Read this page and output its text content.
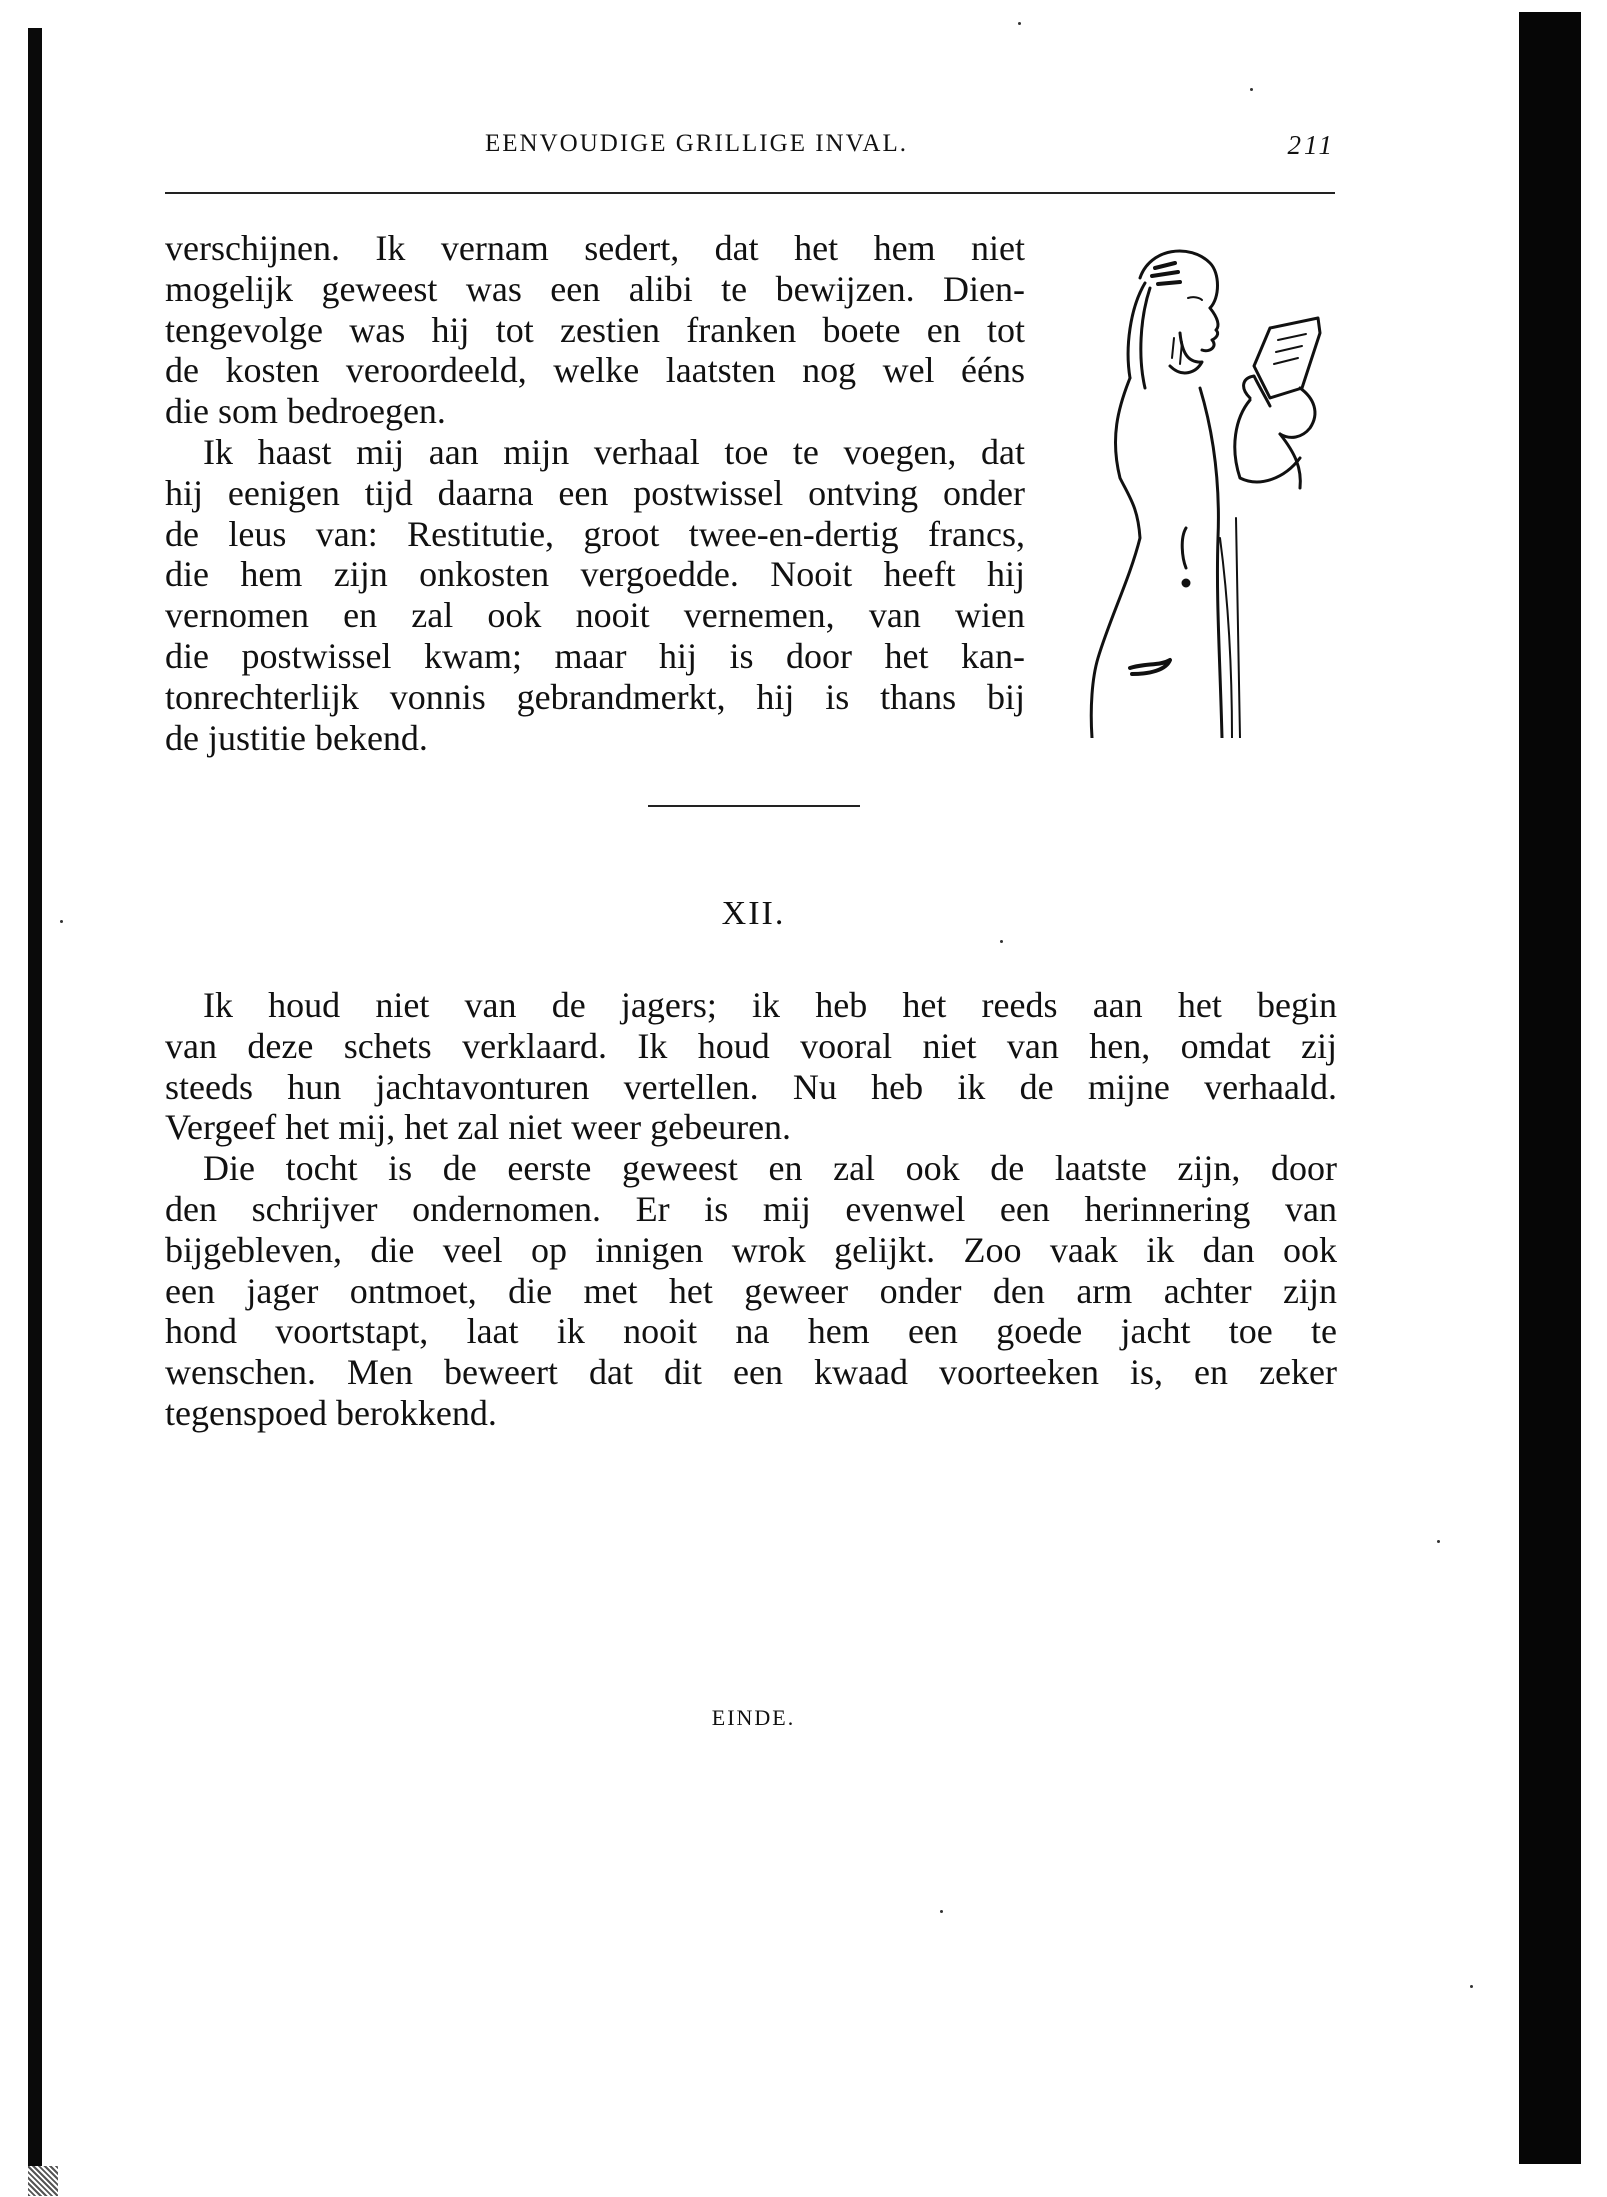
EENVOUDIGE GRILLIGE INVAL.	211

verschijnen. Ik vernam sedert, dat het hem niet
mogelijk geweest was een alibi te bewijzen. Dien-
tengevolge was hij tot zestien franken boete en tot
de kosten veroordeeld, welke laatsten nog wel ééns
die som bedroegen.

Ik haast mij aan mijn verhaal toe te voegen, dat
hij eenigen tijd daarna een postwissel ontving onder
de leus van: Restitutie, groot twee-en-dertig francs,
die hem zijn onkosten vergoedde. Nooit heeft hij
vernomen en zal ook nooit vernemen, van wien
die postwissel kwam; maar hij is door het kan-
tonrechterlijk vonnis gebrandmerkt, hij is thans bij
de justitie bekend.

XII.

Ik houd niet van de jagers; ik heb het reeds aan het begin
van deze schets verklaard. Ik houd vooral niet van hen, omdat zij
steeds hun jachtavonturen vertellen. Nu heb ik de mijne verhaald.
Vergeef het mij, het zal niet weer gebeuren.

Die tocht is de eerste geweest en zal ook de laatste zijn, door
den schrijver ondernomen. Er is mij evenwel een herinnering van
bijgebleven, die veel op innigen wrok gelijkt. Zoo vaak ik dan ook
een jager ontmoet, die met het geweer onder den arm achter zijn
hond voortstapt, laat ik nooit na hem een goede jacht toe te
wenschen. Men beweert dat dit een kwaad voorteeken is, en zeker
tegenspoed berokkend.

EINDE.
